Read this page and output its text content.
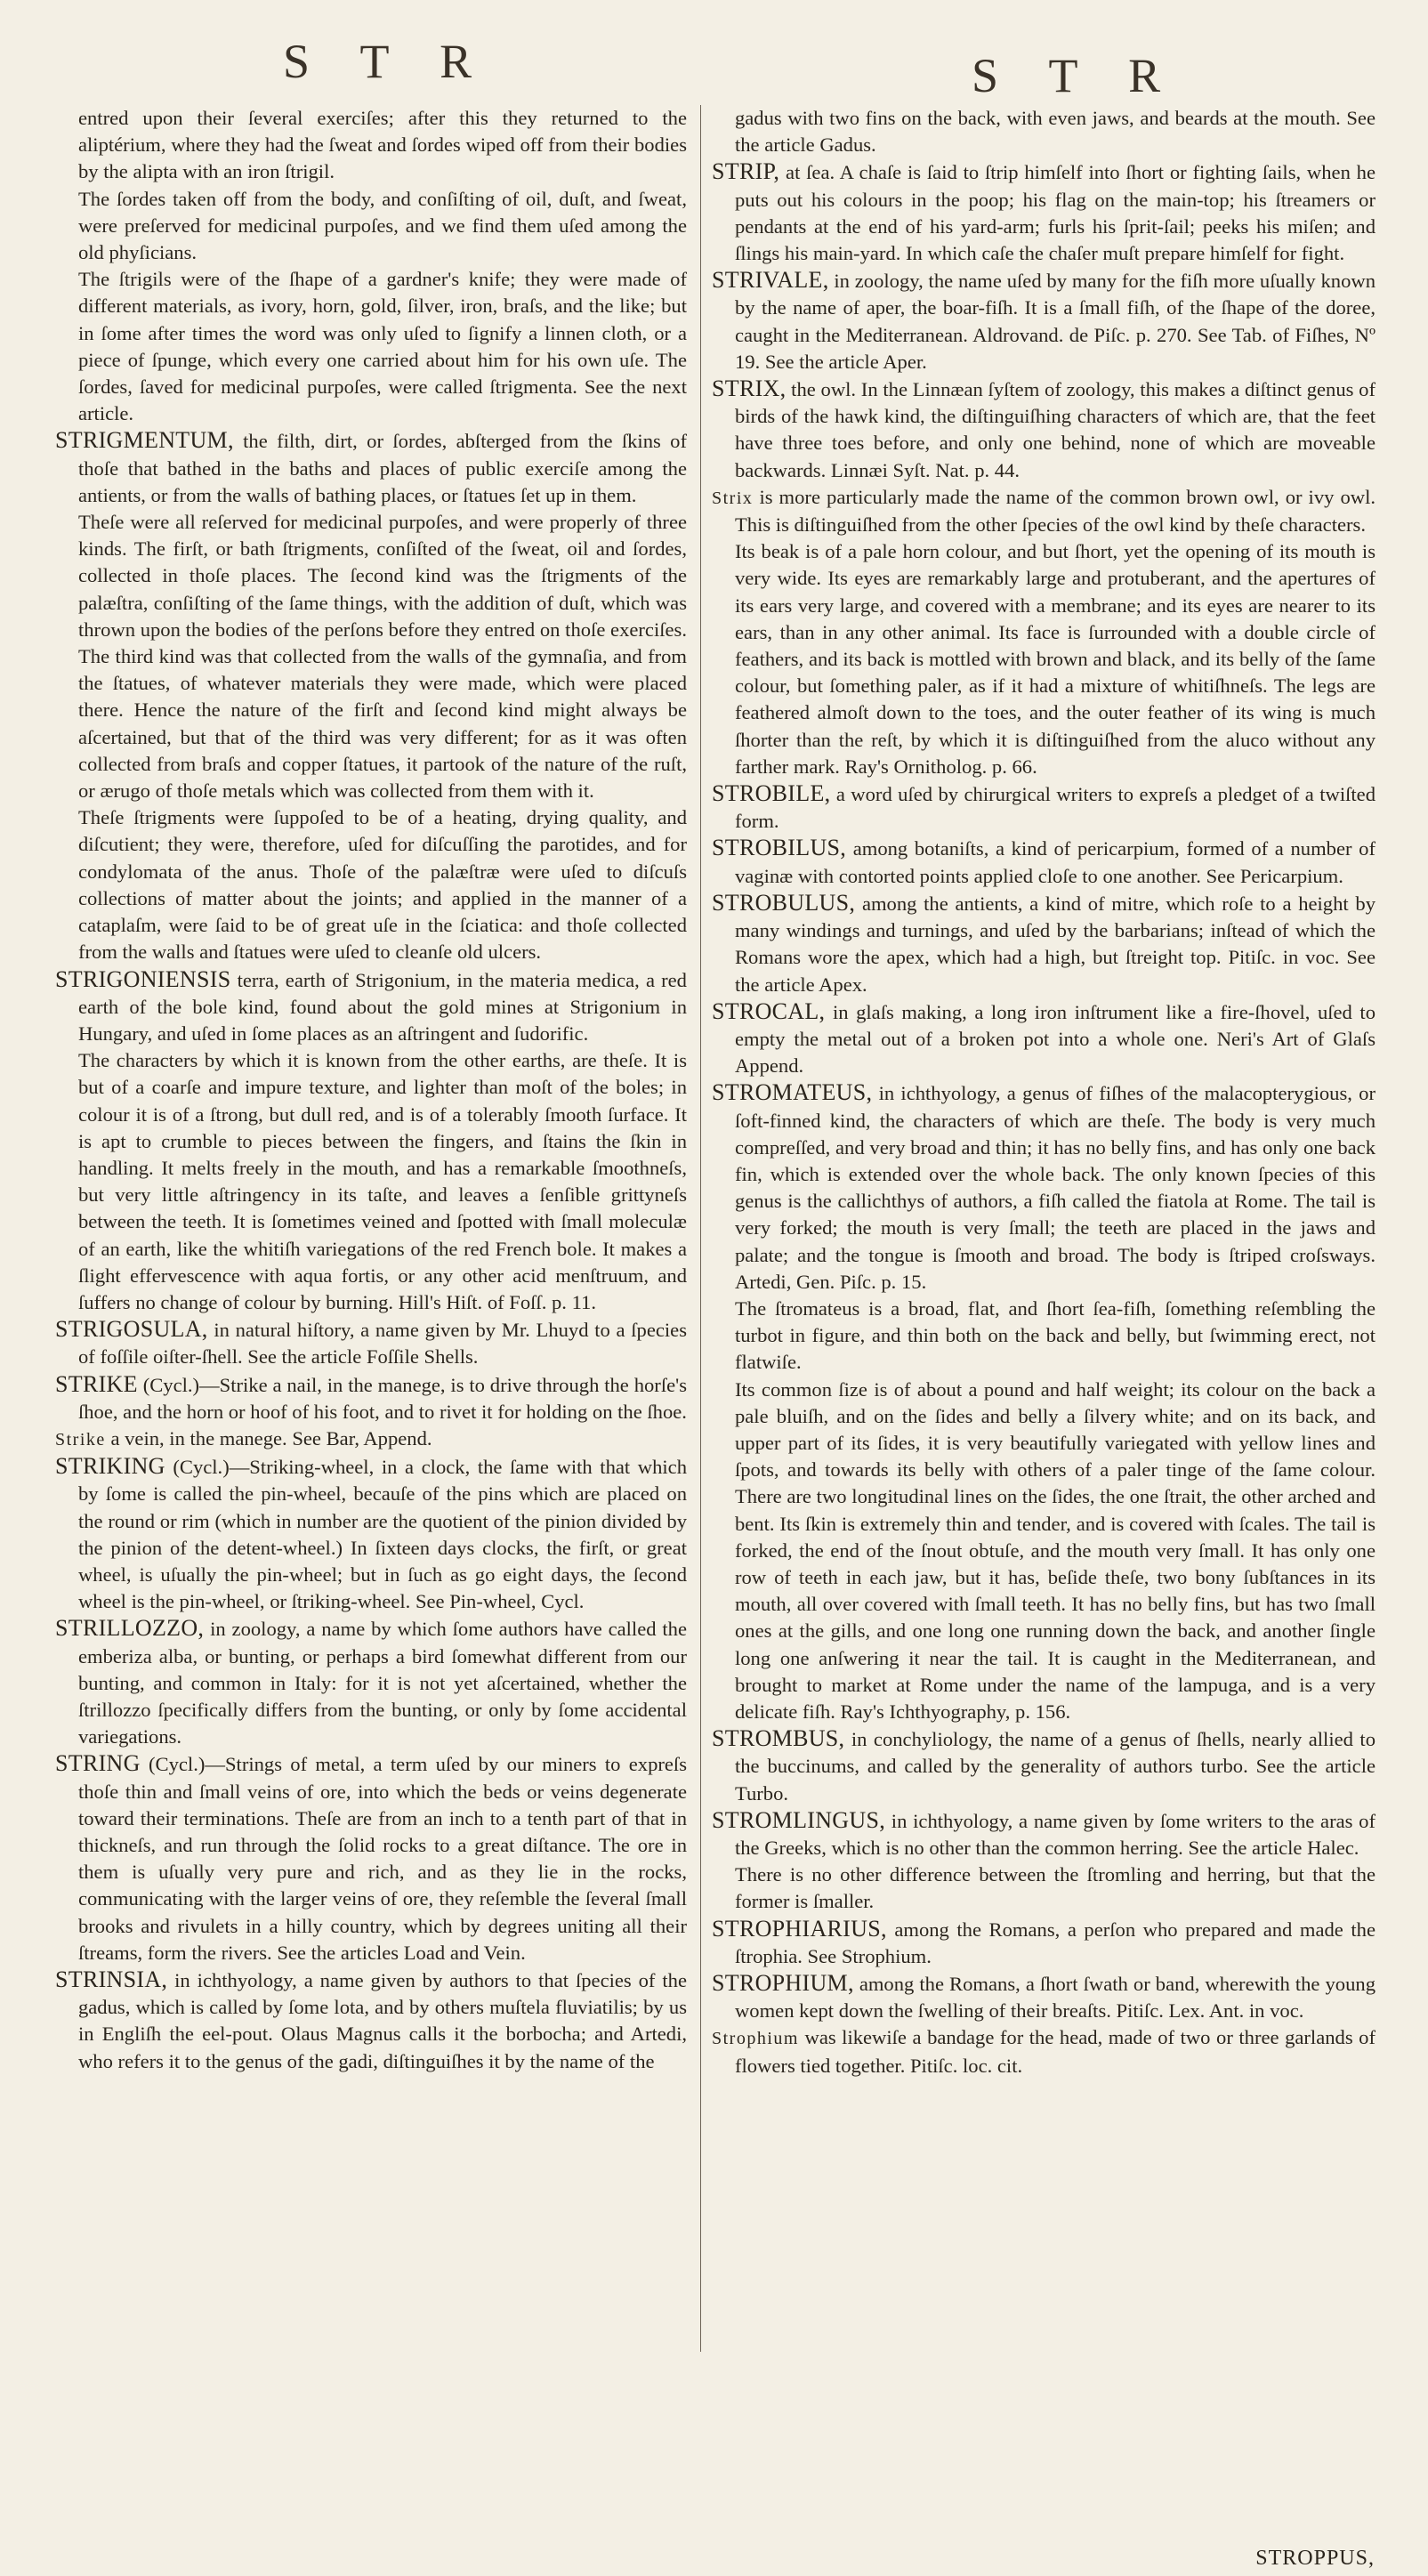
S T R	S T R

entred upon their ſeveral exerciſes; after this they returned to the aliptérium, where they had the ſweat and ſordes wiped off from their bodies by the alipta with an iron ſtrigil.

The ſordes taken off from the body, and conſiſting of oil, duſt, and ſweat, were preſerved for medicinal purpoſes, and we find them uſed among the old phyſicians.

The ſtrigils were of the ſhape of a gardner's knife; they were made of different materials, as ivory, horn, gold, ſilver, iron, braſs, and the like; but in ſome after times the word was only uſed to ſignify a linnen cloth, or a piece of ſpunge, which every one carried about him for his own uſe. The ſordes, ſaved for medicinal purpoſes, were called ſtrigmenta. See the next article.

STRIGMENTUM, the filth, dirt, or ſordes, abſterged from the ſkins of thoſe that bathed in the baths and places of public exerciſe among the antients, or from the walls of bathing places, or ſtatues ſet up in them.

Theſe were all reſerved for medicinal purpoſes, and were properly of three kinds. The firſt, or bath ſtrigments, conſiſted of the ſweat, oil and ſordes, collected in thoſe places. The ſecond kind was the ſtrigments of the palæſtra, conſiſting of the ſame things, with the addition of duſt, which was thrown upon the bodies of the perſons before they entred on thoſe exerciſes. The third kind was that collected from the walls of the gymnaſia, and from the ſtatues, of whatever materials they were made, which were placed there. Hence the nature of the firſt and ſecond kind might always be aſcertained, but that of the third was very different; for as it was often collected from braſs and copper ſtatues, it partook of the nature of the ruſt, or ærugo of thoſe metals which was collected from them with it.

Theſe ſtrigments were ſuppoſed to be of a heating, drying quality, and diſcutient; they were, therefore, uſed for diſcuſſing the parotides, and for condylomata of the anus. Thoſe of the palæſtræ were uſed to diſcuſs collections of matter about the joints; and applied in the manner of a cataplaſm, were ſaid to be of great uſe in the ſciatica: and thoſe collected from the walls and ſtatues were uſed to cleanſe old ulcers.

STRIGONIENSIS terra, earth of Strigonium, in the materia medica, a red earth of the bole kind, found about the gold mines at Strigonium in Hungary, and uſed in ſome places as an aſtringent and ſudorific.

The characters by which it is known from the other earths, are theſe. It is but of a coarſe and impure texture, and lighter than moſt of the boles; in colour it is of a ſtrong, but dull red, and is of a tolerably ſmooth ſurface. It is apt to crumble to pieces between the fingers, and ſtains the ſkin in handling. It melts freely in the mouth, and has a remarkable ſmoothneſs, but very little aſtringency in its taſte, and leaves a ſenſible grittyneſs between the teeth. It is ſometimes veined and ſpotted with ſmall moleculæ of an earth, like the whitiſh variegations of the red French bole. It makes a ſlight effervescence with aqua fortis, or any other acid menſtruum, and ſuffers no change of colour by burning. Hill's Hiſt. of Foſſ. p. 11.

STRIGOSULA, in natural hiſtory, a name given by Mr. Lhuyd to a ſpecies of foſſile oiſter-ſhell. See the article Foſſile Shells.

STRIKE (Cycl.)—Strike a nail, in the manege, is to drive through the horſe's ſhoe, and the horn or hoof of his foot, and to rivet it for holding on the ſhoe.

Strike a vein, in the manege. See Bar, Append.

STRIKING (Cycl.)—Striking-wheel, in a clock, the ſame with that which by ſome is called the pin-wheel, becauſe of the pins which are placed on the round or rim (which in number are the quotient of the pinion divided by the pinion of the detent-wheel.) In ſixteen days clocks, the firſt, or great wheel, is uſually the pin-wheel; but in ſuch as go eight days, the ſecond wheel is the pin-wheel, or ſtriking-wheel. See Pin-wheel, Cycl.

STRILLOZZO, in zoology, a name by which ſome authors have called the emberiza alba, or bunting, or perhaps a bird ſomewhat different from our bunting, and common in Italy: for it is not yet aſcertained, whether the ſtrillozzo ſpecifically differs from the bunting, or only by ſome accidental variegations.

STRING (Cycl.)—Strings of metal, a term uſed by our miners to expreſs thoſe thin and ſmall veins of ore, into which the beds or veins degenerate toward their terminations. Theſe are from an inch to a tenth part of that in thickneſs, and run through the ſolid rocks to a great diſtance. The ore in them is uſually very pure and rich, and as they lie in the rocks, communicating with the larger veins of ore, they reſemble the ſeveral ſmall brooks and rivulets in a hilly country, which by degrees uniting all their ſtreams, form the rivers. See the articles Load and Vein.

STRINSIA, in ichthyology, a name given by authors to that ſpecies of the gadus, which is called by ſome lota, and by others muſtela fluviatilis; by us in Engliſh the eel-pout. Olaus Magnus calls it the borbocha; and Artedi, who refers it to the genus of the gadi, diſtinguiſhes it by the name of the

gadus with two fins on the back, with even jaws, and beards at the mouth. See the article Gadus.

STRIP, at ſea. A chaſe is ſaid to ſtrip himſelf into ſhort or fighting ſails, when he puts out his colours in the poop; his flag on the main-top; his ſtreamers or pendants at the end of his yard-arm; furls his ſprit-ſail; peeks his miſen; and ſlings his main-yard. In which caſe the chaſer muſt prepare himſelf for fight.

STRIVALE, in zoology, the name uſed by many for the fiſh more uſually known by the name of aper, the boar-fiſh. It is a ſmall fiſh, of the ſhape of the doree, caught in the Mediterranean. Aldrovand. de Piſc. p. 270. See Tab. of Fiſhes, Nº 19. See the article Aper.

STRIX, the owl. In the Linnæan ſyſtem of zoology, this makes a diſtinct genus of birds of the hawk kind, the diſtinguiſhing characters of which are, that the feet have three toes before, and only one behind, none of which are moveable backwards. Linnæi Syſt. Nat. p. 44.

Strix is more particularly made the name of the common brown owl, or ivy owl. This is diſtinguiſhed from the other ſpecies of the owl kind by theſe characters.

Its beak is of a pale horn colour, and but ſhort, yet the opening of its mouth is very wide. Its eyes are remarkably large and protuberant, and the apertures of its ears very large, and covered with a membrane; and its eyes are nearer to its ears, than in any other animal. Its face is ſurrounded with a double circle of feathers, and its back is mottled with brown and black, and its belly of the ſame colour, but ſomething paler, as if it had a mixture of whitiſhneſs. The legs are feathered almoſt down to the toes, and the outer feather of its wing is much ſhorter than the reſt, by which it is diſtinguiſhed from the aluco without any farther mark. Ray's Ornitholog. p. 66.

STROBILE, a word uſed by chirurgical writers to expreſs a pledget of a twiſted form.

STROBILUS, among botaniſts, a kind of pericarpium, formed of a number of vaginæ with contorted points applied cloſe to one another. See Pericarpium.

STROBULUS, among the antients, a kind of mitre, which roſe to a height by many windings and turnings, and uſed by the barbarians; inſtead of which the Romans wore the apex, which had a high, but ſtreight top. Pitiſc. in voc. See the article Apex.

STROCAL, in glaſs making, a long iron inſtrument like a fire-ſhovel, uſed to empty the metal out of a broken pot into a whole one. Neri's Art of Glaſs Append.

STROMATEUS, in ichthyology, a genus of fiſhes of the malacopterygious, or ſoft-finned kind, the characters of which are theſe. The body is very much compreſſed, and very broad and thin; it has no belly fins, and has only one back fin, which is extended over the whole back. The only known ſpecies of this genus is the callichthys of authors, a fiſh called the fiatola at Rome. The tail is very forked; the mouth is very ſmall; the teeth are placed in the jaws and palate; and the tongue is ſmooth and broad. The body is ſtriped croſsways. Artedi, Gen. Piſc. p. 15.

The ſtromateus is a broad, flat, and ſhort ſea-fiſh, ſomething reſembling the turbot in figure, and thin both on the back and belly, but ſwimming erect, not flatwiſe.

Its common ſize is of about a pound and half weight; its colour on the back a pale bluiſh, and on the ſides and belly a ſilvery white; and on its back, and upper part of its ſides, it is very beautifully variegated with yellow lines and ſpots, and towards its belly with others of a paler tinge of the ſame colour. There are two longitudinal lines on the ſides, the one ſtrait, the other arched and bent. Its ſkin is extremely thin and tender, and is covered with ſcales. The tail is forked, the end of the ſnout obtuſe, and the mouth very ſmall. It has only one row of teeth in each jaw, but it has, beſide theſe, two bony ſubſtances in its mouth, all over covered with ſmall teeth. It has no belly fins, but has two ſmall ones at the gills, and one long one running down the back, and another ſingle long one anſwering it near the tail. It is caught in the Mediterranean, and brought to market at Rome under the name of the lampuga, and is a very delicate fiſh. Ray's Ichthyography, p. 156.

STROMBUS, in conchyliology, the name of a genus of ſhells, nearly allied to the buccinums, and called by the generality of authors turbo. See the article Turbo.

STROMLINGUS, in ichthyology, a name given by ſome writers to the aras of the Greeks, which is no other than the common herring. See the article Halec.

There is no other difference between the ſtromling and herring, but that the former is ſmaller.

STROPHIARIUS, among the Romans, a perſon who prepared and made the ſtrophia. See Strophium.

STROPHIUM, among the Romans, a ſhort ſwath or band, wherewith the young women kept down the ſwelling of their breaſts. Pitiſc. Lex. Ant. in voc.

Strophium was likewiſe a bandage for the head, made of two or three garlands of flowers tied together. Pitiſc. loc. cit.

STROPPUS,
